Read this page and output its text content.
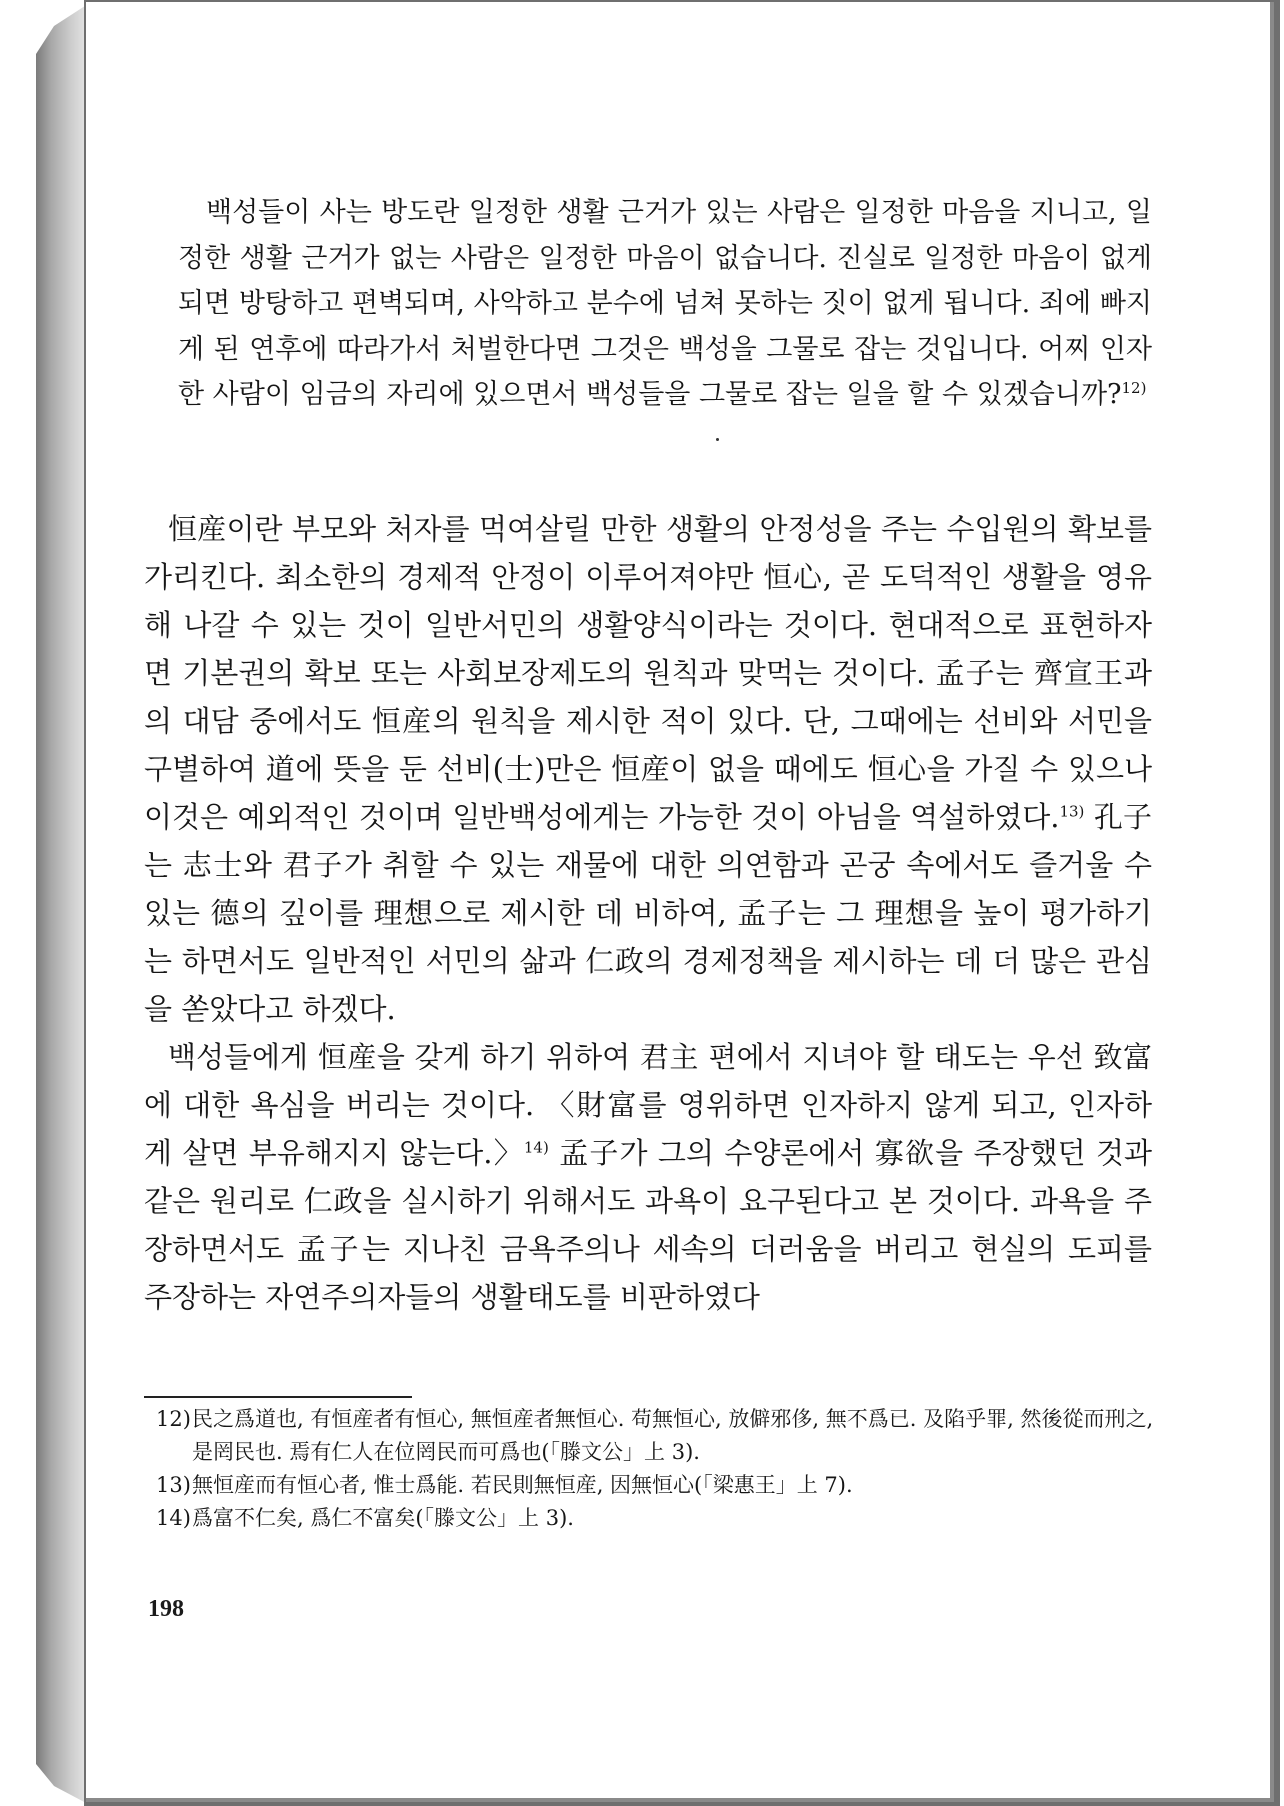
백성들이 사는 방도란 일정한 생활 근거가 있는 사람은 일정한 마음을 지니고, 일정한 생활 근거가 없는 사람은 일정한 마음이 없습니다. 진실로 일정한 마음이 없게 되면 방탕하고 편벽되며, 사악하고 분수에 넘쳐 못하는 짓이 없게 됩니다. 죄에 빠지게 된 연후에 따라가서 처벌한다면 그것은 백성을 그물로 잡는 것입니다. 어찌 인자한 사람이 임금의 자리에 있으면서 백성들을 그물로 잡는 일을 할 수 있겠습니까?$^{12)}$

恒産이란 부모와 처자를 먹여살릴 만한 생활의 안정성을 주는 수입원의 확보를 가리킨다. 최소한의 경제적 안정이 이루어져야만 恒心, 곧 도덕적인 생활을 영유해 나갈 수 있는 것이 일반서민의 생활양식이라는 것이다. 현대적으로 표현하자면 기본권의 확보 또는 사회보장제도의 원칙과 맞먹는 것이다. 孟子는 齊宣王과의 대담 중에서도 恒産의 원칙을 제시한 적이 있다. 단, 그때에는 선비와 서민을 구별하여 道에 뜻을 둔 선비(士)만은 恒産이 없을 때에도 恒心을 가질 수 있으나 이것은 예외적인 것이며 일반백성에게는 가능한 것이 아님을 역설하였다.$^{13)}$ 孔子는 志士와 君子가 취할 수 있는 재물에 대한 의연함과 곤궁 속에서도 즐거울 수 있는 德의 깊이를 理想으로 제시한 데 비하여, 孟子는 그 理想을 높이 평가하기는 하면서도 일반적인 서민의 삶과 仁政의 경제정책을 제시하는 데 더 많은 관심을 쏟았다고 하겠다.

백성들에게 恒産을 갖게 하기 위하여 君主 편에서 지녀야 할 태도는 우선 致富에 대한 욕심을 버리는 것이다. 〈財富를 영위하면 인자하지 않게 되고, 인자하게 살면 부유해지지 않는다.〉$^{14)}$ 孟子가 그의 수양론에서 寡欲을 주장했던 것과 같은 원리로 仁政을 실시하기 위해서도 과욕이 요구된다고 본 것이다. 과욕을 주장하면서도 孟子는 지나친 금욕주의나 세속의 더러움을 버리고 현실의 도피를 주장하는 자연주의자들의 생활태도를 비판하였다

12) 民之爲道也, 有恒産者有恒心, 無恒産者無恒心. 苟無恒心, 放僻邪侈, 無不爲已. 及陷乎罪, 然後從而刑之, 是罔民也. 焉有仁人在位罔民而可爲也(「滕文公」上 3).

13) 無恒産而有恒心者, 惟士爲能. 若民則無恒産, 因無恒心(「梁惠王」上 7).

14) 爲富不仁矣, 爲仁不富矣(「滕文公」上 3).

198
